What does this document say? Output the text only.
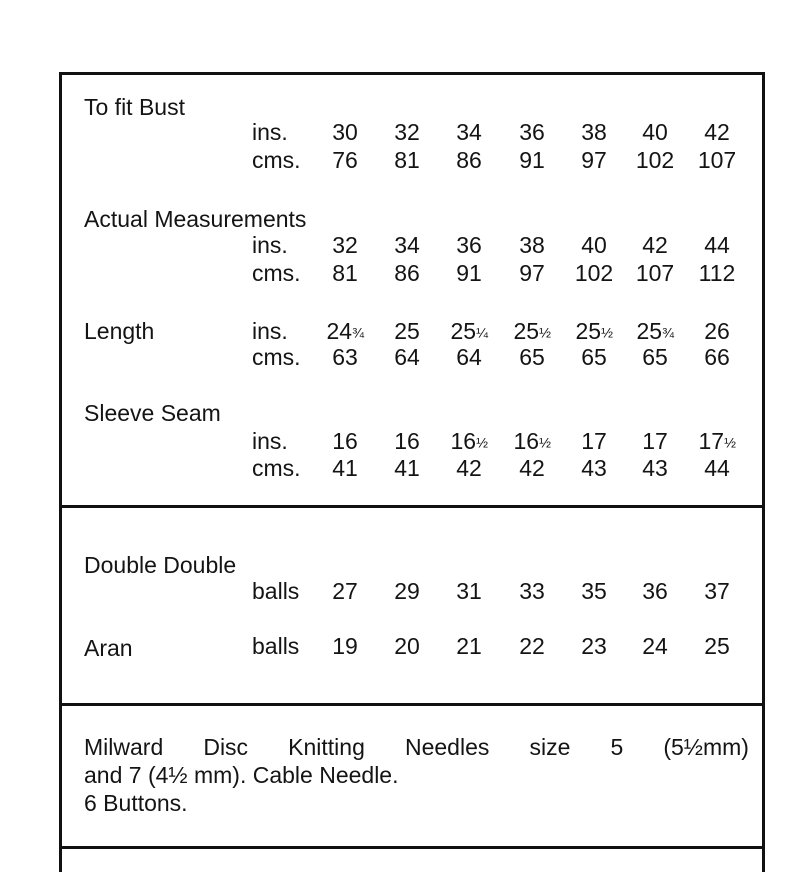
To fit Bust
ins. 30 32 34 36 38 40 42
cms. 76 81 86 91 97 102 107
Actual Measurements
ins. 32 34 36 38 40 42 44
cms. 81 86 91 97 102 107 112
Length	ins. 24¾ 25 25¼ 25½ 25½ 25¾ 26
cms. 63 64 64 65 65 65 66
Sleeve Seam
ins. 16 16 16½ 16½ 17 17 17½
cms. 41 41 42 42 43 43 44
Double Double
balls 27 29 31 33 35 36 37
Aran	balls 19 20 21 22 23 24 25
Milward Disc Knitting Needles size 5 (5½mm)
and 7 (4½ mm). Cable Needle.
6 Buttons.
